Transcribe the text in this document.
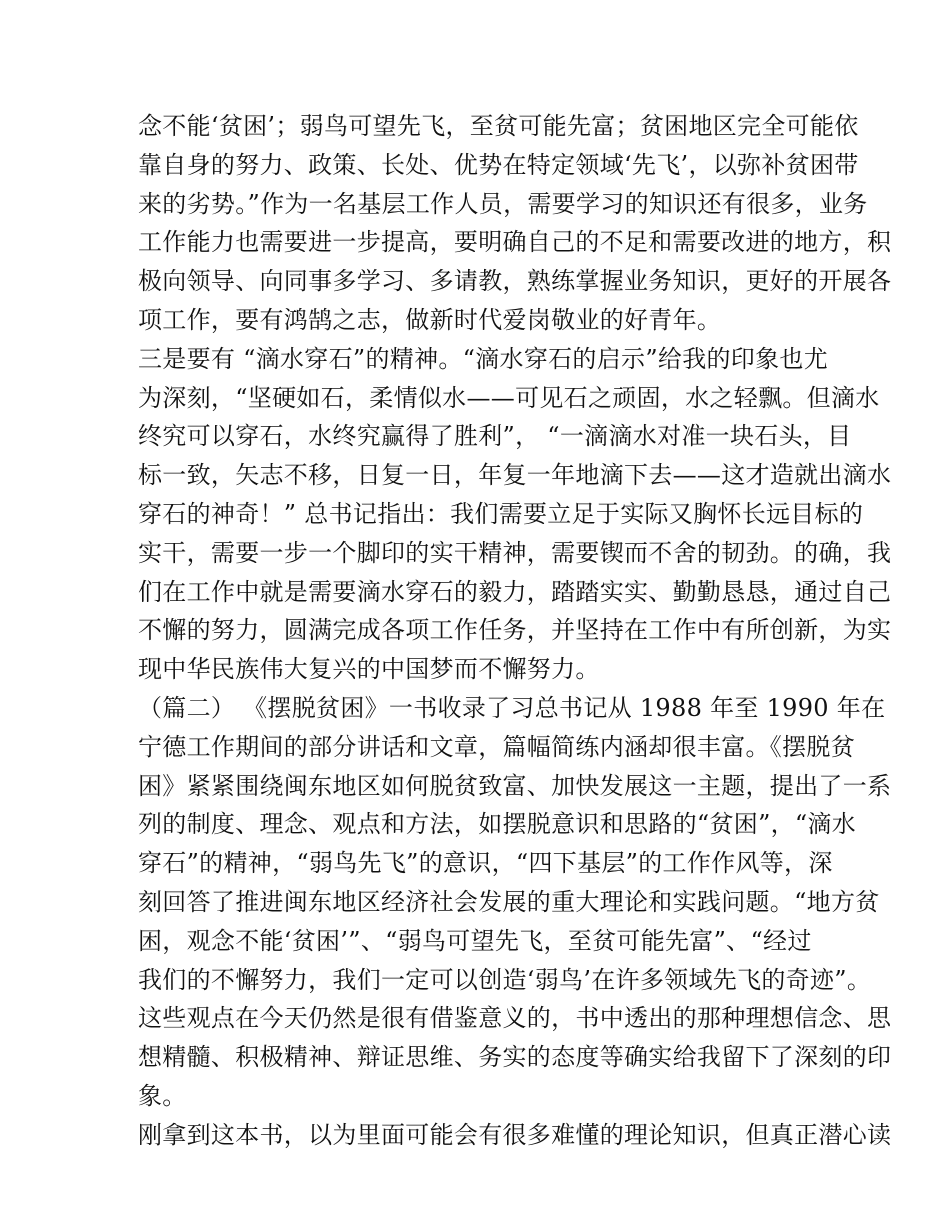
念不能‘贫困’；弱鸟可望先飞，至贫可能先富；贫困地区完全可能依
靠自身的努力、政策、长处、优势在特定领域‘先飞’，以弥补贫困带
来的劣势。”作为一名基层工作人员，需要学习的知识还有很多，业务
工作能力也需要进一步提高，要明确自己的不足和需要改进的地方，积
极向领导、向同事多学习、多请教，熟练掌握业务知识，更好的开展各
项工作，要有鸿鹄之志，做新时代爱岗敬业的好青年。
三是要有 “滴水穿石”的精神。“滴水穿石的启示”给我的印象也尤
为深刻，“坚硬如石，柔情似水——可见石之顽固，水之轻飘。但滴水
终究可以穿石，水终究赢得了胜利”， “一滴滴水对准一块石头，目
标一致，矢志不移，日复一日，年复一年地滴下去——这才造就出滴水
穿石的神奇！” 总书记指出：我们需要立足于实际又胸怀长远目标的
实干，需要一步一个脚印的实干精神，需要锲而不舍的韧劲。的确，我
们在工作中就是需要滴水穿石的毅力，踏踏实实、勤勤恳恳，通过自己
不懈的努力，圆满完成各项工作任务，并坚持在工作中有所创新，为实
现中华民族伟大复兴的中国梦而不懈努力。
（篇二） 《摆脱贫困》一书收录了习总书记从 1988 年至 1990 年在
宁德工作期间的部分讲话和文章，篇幅简练内涵却很丰富。《摆脱贫
困》紧紧围绕闽东地区如何脱贫致富、加快发展这一主题，提出了一系
列的制度、理念、观点和方法，如摆脱意识和思路的“贫困”，“滴水
穿石”的精神，“弱鸟先飞”的意识，“四下基层”的工作作风等，深
刻回答了推进闽东地区经济社会发展的重大理论和实践问题。“地方贫
困，观念不能‘贫困’”、“弱鸟可望先飞，至贫可能先富”、“经过
我们的不懈努力，我们一定可以创造‘弱鸟’在许多领域先飞的奇迹”。
这些观点在今天仍然是很有借鉴意义的，书中透出的那种理想信念、思
想精髓、积极精神、辩证思维、务实的态度等确实给我留下了深刻的印
象。
刚拿到这本书，以为里面可能会有很多难懂的理论知识，但真正潜心读
